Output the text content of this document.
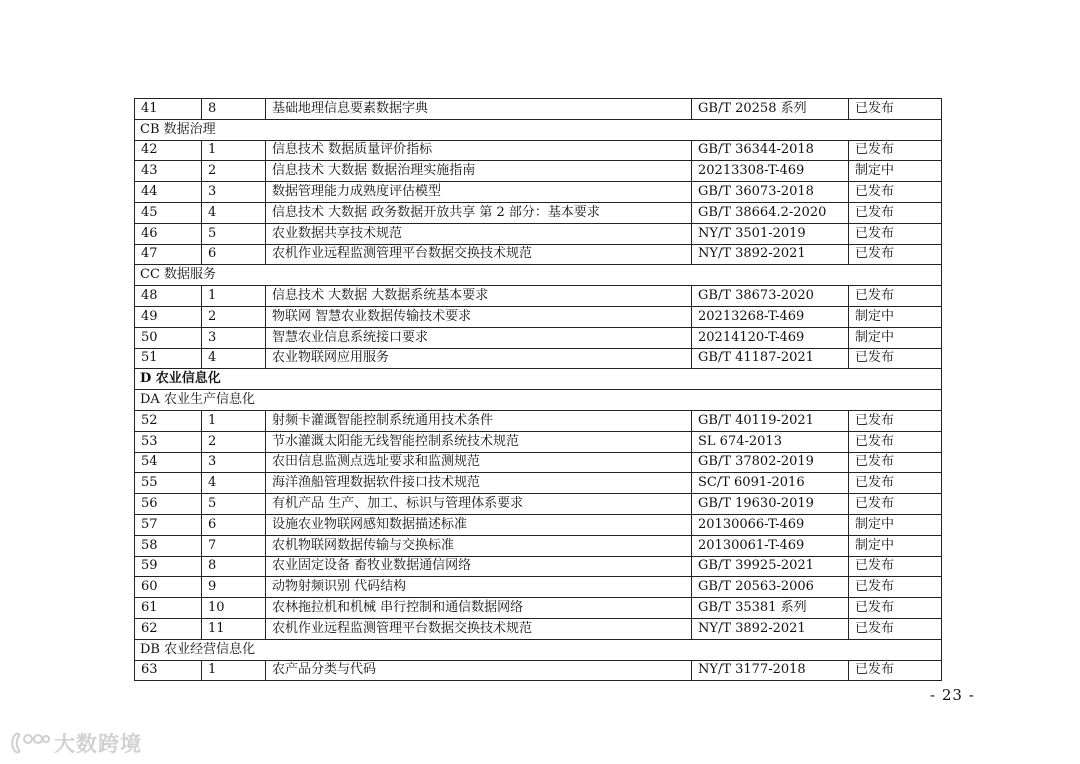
41	8	基础地理信息要素数据字典	GB/T 20258 系列	已发布
CB 数据治理				
42	1	信息技术 数据质量评价指标	GB/T 36344-2018	已发布
43	2	信息技术 大数据 数据治理实施指南	20213308-T-469	制定中
44	3	数据管理能力成熟度评估模型	GB/T 36073-2018	已发布
45	4	信息技术 大数据 政务数据开放共享 第 2 部分：基本要求	GB/T 38664.2-2020	已发布
46	5	农业数据共享技术规范	NY/T 3501-2019	已发布
47	6	农机作业远程监测管理平台数据交换技术规范	NY/T 3892-2021	已发布
CC 数据服务				
48	1	信息技术 大数据 大数据系统基本要求	GB/T 38673-2020	已发布
49	2	物联网 智慧农业数据传输技术要求	20213268-T-469	制定中
50	3	智慧农业信息系统接口要求	20214120-T-469	制定中
51	4	农业物联网应用服务	GB/T 41187-2021	已发布
D 农业信息化				
DA 农业生产信息化				
52	1	射频卡灌溉智能控制系统通用技术条件	GB/T 40119-2021	已发布
53	2	节水灌溉太阳能无线智能控制系统技术规范	SL 674-2013	已发布
54	3	农田信息监测点选址要求和监测规范	GB/T 37802-2019	已发布
55	4	海洋渔船管理数据软件接口技术规范	SC/T 6091-2016	已发布
56	5	有机产品 生产、加工、标识与管理体系要求	GB/T 19630-2019	已发布
57	6	设施农业物联网感知数据描述标准	20130066-T-469	制定中
58	7	农机物联网数据传输与交换标准	20130061-T-469	制定中
59	8	农业固定设备 畜牧业数据通信网络	GB/T 39925-2021	已发布
60	9	动物射频识别 代码结构	GB/T 20563-2006	已发布
61	10	农林拖拉机和机械 串行控制和通信数据网络	GB/T 35381 系列	已发布
62	11	农机作业远程监测管理平台数据交换技术规范	NY/T 3892-2021	已发布
DB 农业经营信息化				
63	1	农产品分类与代码	NY/T 3177-2018	已发布
- 23 -
大数跨境
